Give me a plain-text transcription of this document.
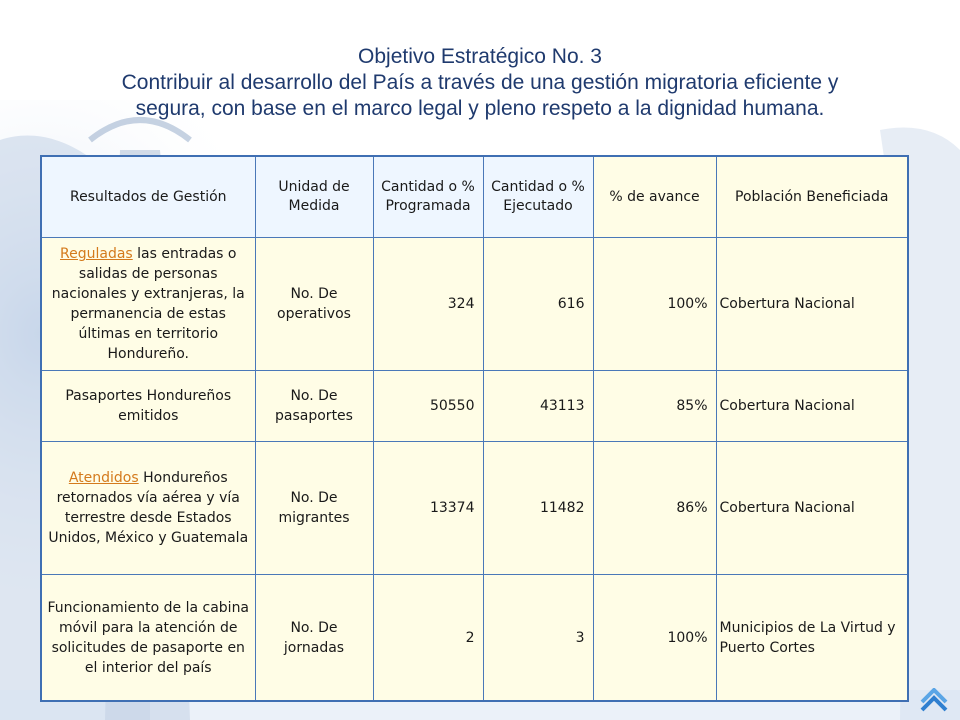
Objetivo Estratégico No. 3
Contribuir al desarrollo del País a través de una gestión migratoria eficiente y
segura, con base en el marco legal y pleno respeto a la dignidad humana.
Resultados de Gestión	Unidad de Medida	Cantidad o % Programada	Cantidad o % Ejecutado	% de avance	Población Beneficiada
Reguladas las entradas o salidas de personas nacionales y extranjeras, la permanencia de estas últimas en territorio Hondureño.	No. De operativos	324	616	100%	Cobertura Nacional
Pasaportes Hondureños emitidos	No. De pasaportes	50550	43113	85%	Cobertura Nacional
Atendidos Hondureños retornados vía aérea y vía terrestre desde Estados Unidos, México y Guatemala	No. De migrantes	13374	11482	86%	Cobertura Nacional
Funcionamiento de la cabina móvil para la atención de solicitudes de pasaporte en el interior del país	No. De jornadas	2	3	100%	Municipios de La Virtud y Puerto Cortes
